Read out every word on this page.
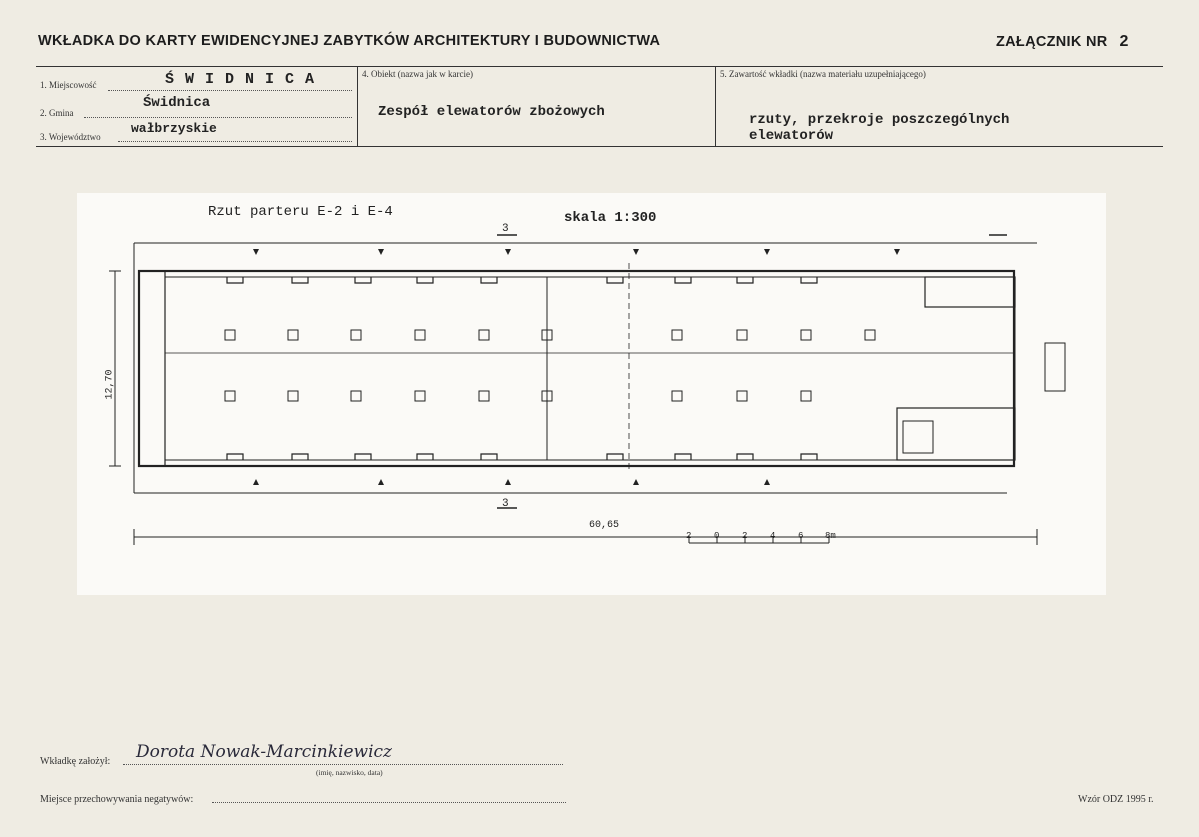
WKŁADKA DO KARTY EWIDENCYJNEJ ZABYTKÓW ARCHITEKTURY I BUDOWNICTWA	ZAŁĄCZNIK NR 2
1. Miejscowość	Ś W I D N I C A
2. Gmina
Świdnica
3. Województwo
wałbrzyskie
4. Obiekt (nazwa jak w karcie)
Zespół elewatorów zbożowych
5. Zawartość wkładki (nazwa materiału uzupełniającego)
rzuty, przekroje poszczególnych
elewatorów
Rzut parteru E-2 i E-4	skala 1:300
60,65
12,70
3
3
2	0	2	4	6 8m
Wkładkę założył: Dorota Nowak-Marcinkiewicz
(imię, nazwisko, data)
Miejsce przechowywania negatywów:	Wzór ODZ 1995 r.
